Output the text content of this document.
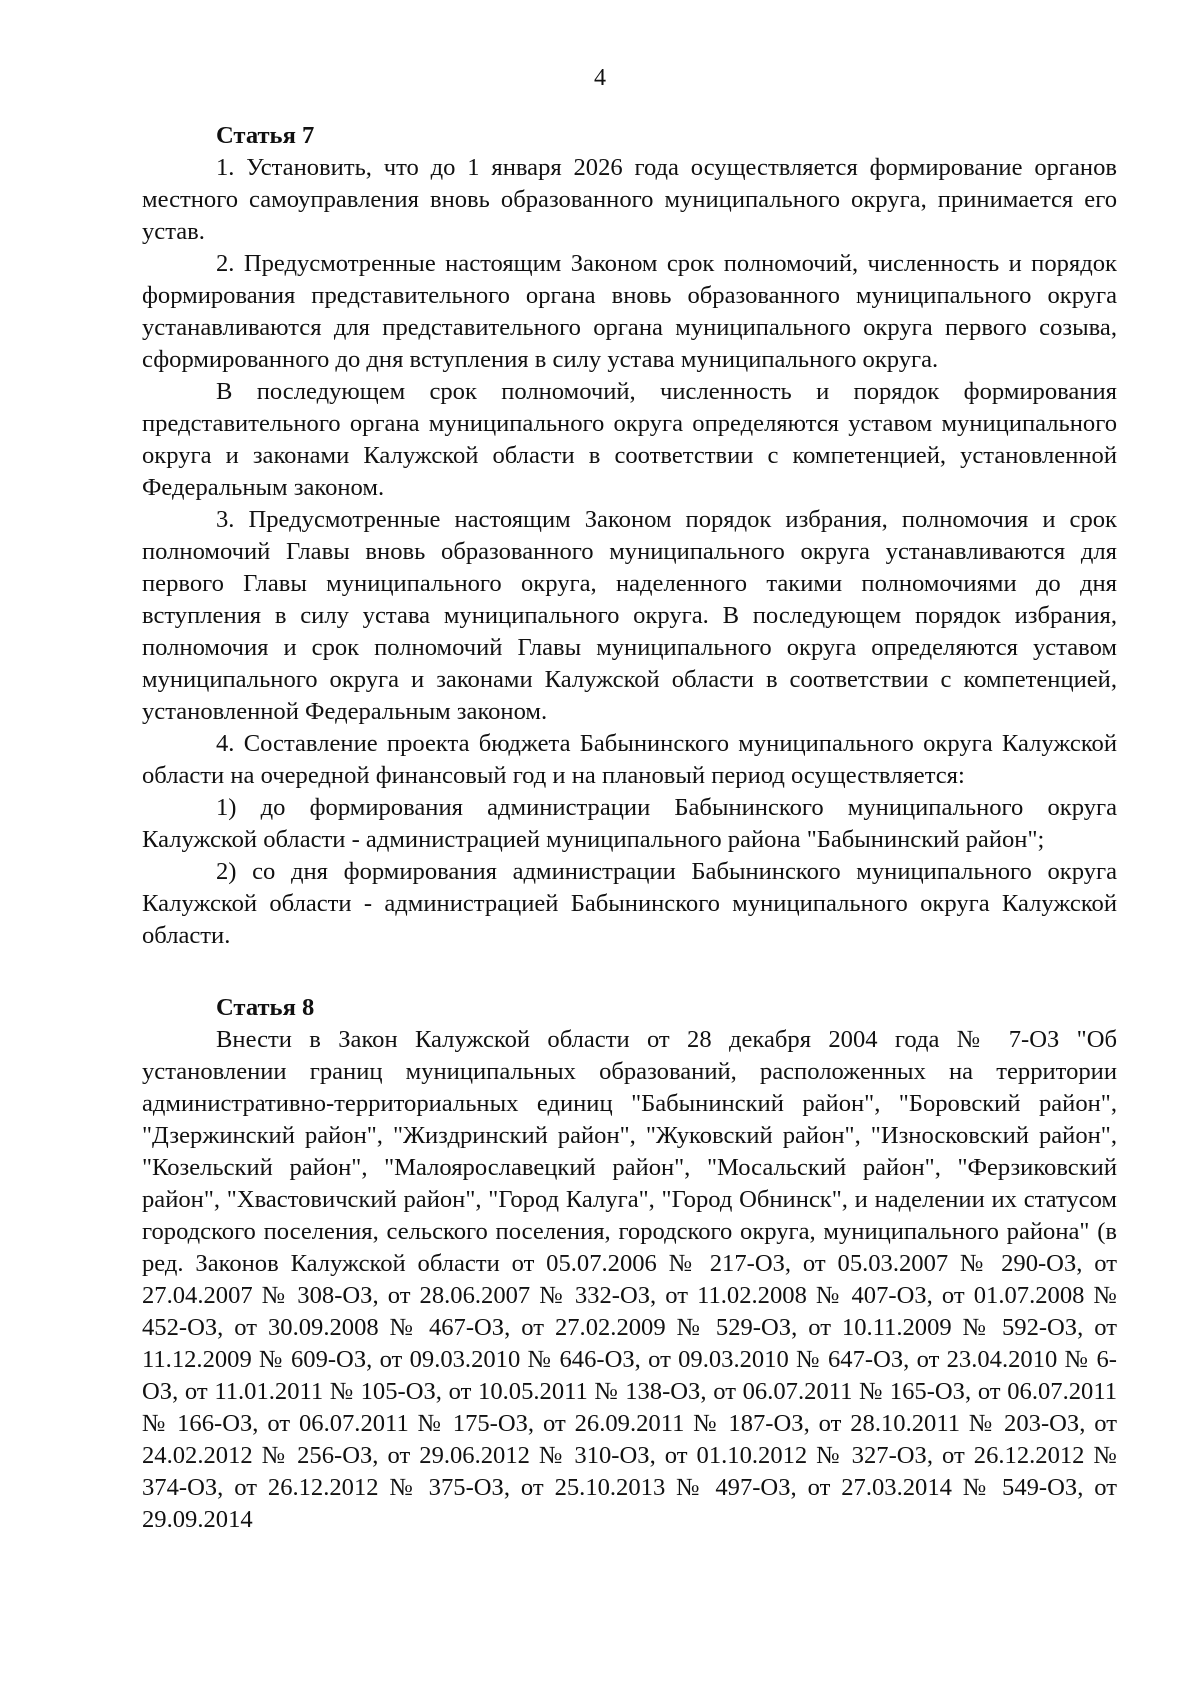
4

Статья 7

1. Установить, что до 1 января 2026 года осуществляется формирование органов местного самоуправления вновь образованного муниципального округа, принимается его устав.

2. Предусмотренные настоящим Законом срок полномочий, численность и порядок формирования представительного органа вновь образованного муниципального округа устанавливаются для представительного органа муниципального округа первого созыва, сформированного до дня вступления в силу устава муниципального округа.

В последующем срок полномочий, численность и порядок формирования представительного органа муниципального округа определяются уставом муниципального округа и законами Калужской области в соответствии с компетенцией, установленной Федеральным законом.

3. Предусмотренные настоящим Законом порядок избрания, полномочия и срок полномочий Главы вновь образованного муниципального округа устанавливаются для первого Главы муниципального округа, наделенного такими полномочиями до дня вступления в силу устава муниципального округа. В последующем порядок избрания, полномочия и срок полномочий Главы муниципального округа определяются уставом муниципального округа и законами Калужской области в соответствии с компетенцией, установленной Федеральным законом.

4. Составление проекта бюджета Бабынинского муниципального округа Калужской области на очередной финансовый год и на плановый период осуществляется:

1) до формирования администрации Бабынинского муниципального округа Калужской области - администрацией муниципального района "Бабынинский район";

2) со дня формирования администрации Бабынинского муниципального округа Калужской области - администрацией Бабынинского муниципального округа Калужской области.

Статья 8

Внести в Закон Калужской области от 28 декабря 2004 года № 7-ОЗ "Об установлении границ муниципальных образований, расположенных на территории административно-территориальных единиц "Бабынинский район", "Боровский район", "Дзержинский район", "Жиздринский район", "Жуковский район", "Износковский район", "Козельский район", "Малоярославецкий район", "Мосальский район", "Ферзиковский район", "Хвастовичский район", "Город Калуга", "Город Обнинск", и наделении их статусом городского поселения, сельского поселения, городского округа, муниципального района" (в ред. Законов Калужской области от 05.07.2006 № 217-ОЗ, от 05.03.2007 № 290-ОЗ, от 27.04.2007 № 308-ОЗ, от 28.06.2007 № 332-ОЗ, от 11.02.2008 № 407-ОЗ, от 01.07.2008 № 452-ОЗ, от 30.09.2008 № 467-ОЗ, от 27.02.2009 № 529-ОЗ, от 10.11.2009 № 592-ОЗ, от 11.12.2009 № 609-ОЗ, от 09.03.2010 № 646-ОЗ, от 09.03.2010 № 647-ОЗ, от 23.04.2010 № 6-ОЗ, от 11.01.2011 № 105-ОЗ, от 10.05.2011 № 138-ОЗ, от 06.07.2011 № 165-ОЗ, от 06.07.2011 № 166-ОЗ, от 06.07.2011 № 175-ОЗ, от 26.09.2011 № 187-ОЗ, от 28.10.2011 № 203-ОЗ, от 24.02.2012 № 256-ОЗ, от 29.06.2012 № 310-ОЗ, от 01.10.2012 № 327-ОЗ, от 26.12.2012 № 374-ОЗ, от 26.12.2012 № 375-ОЗ, от 25.10.2013 № 497-ОЗ, от 27.03.2014 № 549-ОЗ, от 29.09.2014
